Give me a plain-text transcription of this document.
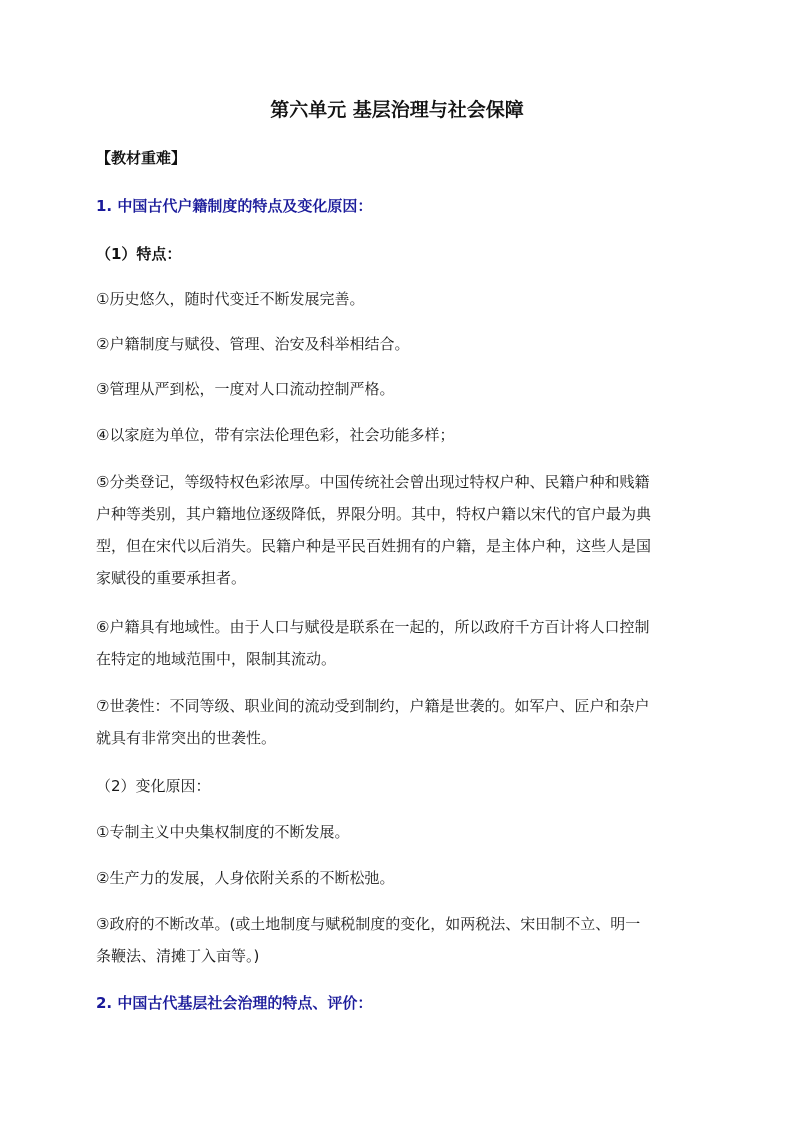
第六单元 基层治理与社会保障
【教材重难】
1. 中国古代户籍制度的特点及变化原因：
（1）特点：
①历史悠久，随时代变迁不断发展完善。
②户籍制度与赋役、管理、治安及科举相结合。
③管理从严到松，一度对人口流动控制严格。
④以家庭为单位，带有宗法伦理色彩，社会功能多样；
⑤分类登记，等级特权色彩浓厚。中国传统社会曾出现过特权户种、民籍户种和贱籍
户种等类别，其户籍地位逐级降低，界限分明。其中，特权户籍以宋代的官户最为典
型，但在宋代以后消失。民籍户种是平民百姓拥有的户籍，是主体户种，这些人是国
家赋役的重要承担者。
⑥户籍具有地域性。由于人口与赋役是联系在一起的，所以政府千方百计将人口控制
在特定的地域范围中，限制其流动。
⑦世袭性：不同等级、职业间的流动受到制约，户籍是世袭的。如军户、匠户和杂户
就具有非常突出的世袭性。
（2）变化原因：
①专制主义中央集权制度的不断发展。
②生产力的发展，人身依附关系的不断松弛。
③政府的不断改革。(或土地制度与赋税制度的变化，如两税法、宋田制不立、明一
条鞭法、清摊丁入亩等。)
2. 中国古代基层社会治理的特点、评价：
